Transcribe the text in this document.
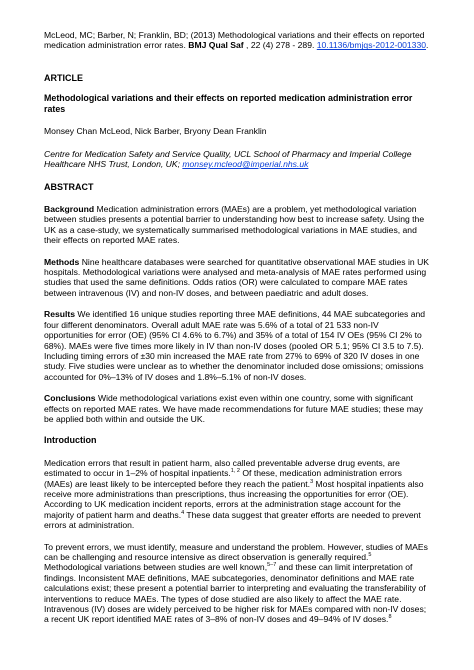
McLeod, MC; Barber, N; Franklin, BD; (2013) Methodological variations and their effects on reported medication administration error rates. BMJ Qual Saf , 22 (4) 278 - 289. 10.1136/bmjqs-2012-001330.

ARTICLE

Methodological variations and their effects on reported medication administration error rates

Monsey Chan McLeod, Nick Barber, Bryony Dean Franklin

Centre for Medication Safety and Service Quality, UCL School of Pharmacy and Imperial College Healthcare NHS Trust, London, UK; monsey.mcleod@imperial.nhs.uk

ABSTRACT

Background Medication administration errors (MAEs) are a problem, yet methodological variation between studies presents a potential barrier to understanding how best to increase safety. Using the UK as a case-study, we systematically summarised methodological variations in MAE studies, and their effects on reported MAE rates.

Methods Nine healthcare databases were searched for quantitative observational MAE studies in UK hospitals. Methodological variations were analysed and meta-analysis of MAE rates performed using studies that used the same definitions. Odds ratios (OR) were calculated to compare MAE rates between intravenous (IV) and non-IV doses, and between paediatric and adult doses.

Results We identified 16 unique studies reporting three MAE definitions, 44 MAE subcategories and four different denominators. Overall adult MAE rate was 5.6% of a total of 21 533 non-IV opportunities for error (OE) (95% CI 4.6% to 6.7%) and 35% of a total of 154 IV OEs (95% CI 2% to 68%). MAEs were five times more likely in IV than non-IV doses (pooled OR 5.1; 95% CI 3.5 to 7.5). Including timing errors of ±30 min increased the MAE rate from 27% to 69% of 320 IV doses in one study. Five studies were unclear as to whether the denominator included dose omissions; omissions accounted for 0%–13% of IV doses and 1.8%–5.1% of non-IV doses.

Conclusions Wide methodological variations exist even within one country, some with significant effects on reported MAE rates. We have made recommendations for future MAE studies; these may be applied both within and outside the UK.

Introduction

Medication errors that result in patient harm, also called preventable adverse drug events, are estimated to occur in 1–2% of hospital inpatients.$^{1, 2}$ Of these, medication administration errors (MAEs) are least likely to be intercepted before they reach the patient.$^3$ Most hospital inpatients also receive more administrations than prescriptions, thus increasing the opportunities for error (OE). According to UK medication incident reports, errors at the administration stage account for the majority of patient harm and deaths.$^4$ These data suggest that greater efforts are needed to prevent errors at administration.

To prevent errors, we must identify, measure and understand the problem. However, studies of MAEs can be challenging and resource intensive as direct observation is generally required.$^5$ Methodological variations between studies are well known,$^{5-7}$ and these can limit interpretation of findings. Inconsistent MAE definitions, MAE subcategories, denominator definitions and MAE rate calculations exist; these present a potential barrier to interpreting and evaluating the transferability of interventions to reduce MAEs. The types of dose studied are also likely to affect the MAE rate. Intravenous (IV) doses are widely perceived to be higher risk for MAEs compared with non-IV doses; a recent UK report identified MAE rates of 3–8% of non-IV doses and 49–94% of IV doses.$^8$
